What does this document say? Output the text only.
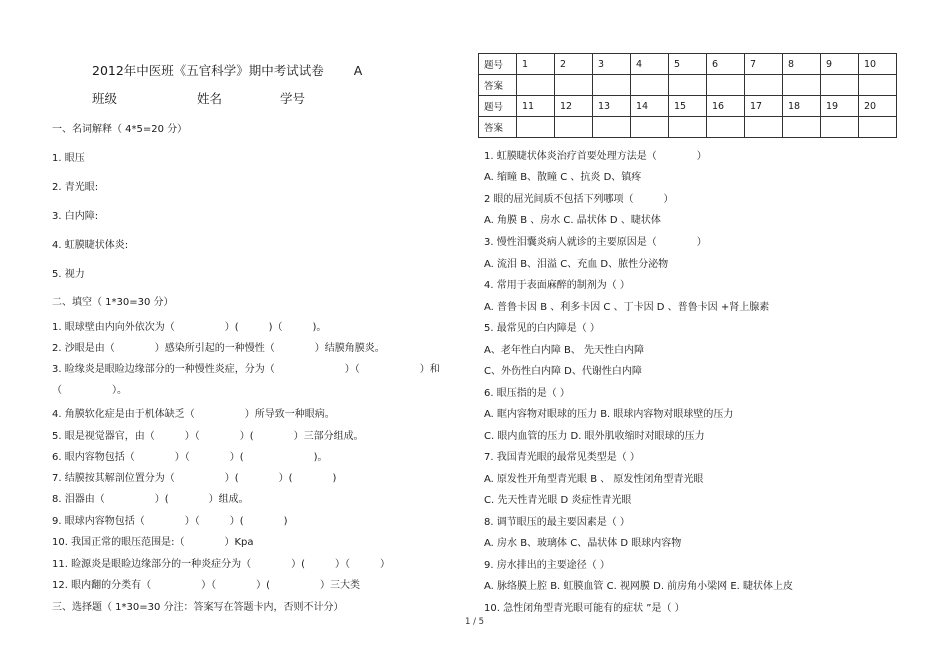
2012年中医班《五官科学》期中考试试卷 A
班级	姓名	学号
一、名词解释（ 4*5=20 分）
1. 眼压
2. 青光眼:
3. 白内障:
4. 虹膜睫状体炎:
5. 视力
二、填空（ 1*30=30 分）
1. 眼球壁由内向外依次为（　　　　　）(　　　)（　　　)。
2. 沙眼是由（　　　　）感染所引起的一种慢性（　　　　）结膜角膜炎。
3. 睑缘炎是眼睑边缘部分的一种慢性炎症，分为（　　　　　　　）（　　　　　　）和
（　　　　　）。
4. 角膜软化症是由于机体缺乏（　　　　　）所导致一种眼病。
5. 眼是视觉器官，由（　　　）（　　　　）(　　　　）三部分组成。
6. 眼内容物包括（　　　　）（　　　　）(　　　　　　　)。
7. 结膜按其解剖位置分为（　　　　　）(　　　　）(　　　　)
8. 泪器由（　　　　　）(　　　　）组成。
9. 眼球内容物包括（　　　　）（　　　）(　　　　)
10. 我国正常的眼压范围是:（　　　　）Kpa
11. 睑源炎是眼睑边缘部分的一种炎症分为（　　　　）(　　　）（　　　）
12. 眼内翻的分类有（　　　　　）（　　　　）(　　　　　）三大类
三、选择题（ 1*30=30 分注：答案写在答题卡内，否则不计分）
题号	1	2	3	4	5	6	7	8	9	10
答案										
题号	11	12	13	14	15	16	17	18	19	20
答案										
1. 虹膜睫状体炎治疗首要处理方法是（　　　　）
A. 缩瞳 B、散瞳 C 、抗炎 D、镇疼
2 眼的屈光间质不包括下列哪项（　　　）
A. 角膜 B 、房水 C. 晶状体 D 、睫状体
3. 慢性泪囊炎病人就诊的主要原因是（　　　　）
A. 流泪 B、泪溢 C、充血 D、脓性分泌物
4. 常用于表面麻醉的制剂为（ ）
A. 普鲁卡因 B 、利多卡因 C 、丁卡因 D 、普鲁卡因 +肾上腺素
5. 最常见的白内障是（ ）
A、老年性白内障 B、 先天性白内障
C、外伤性白内障 D、代谢性白内障
6. 眼压指的是（ ）
A. 眶内容物对眼球的压力 B. 眼球内容物对眼球壁的压力
C. 眼内血管的压力 D. 眼外肌收缩时对眼球的压力
7. 我国青光眼的最常见类型是（ ）
A. 原发性开角型青光眼 B 、 原发性闭角型青光眼
C. 先天性青光眼 D 炎症性青光眼
8. 调节眼压的最主要因素是（ ）
A. 房水 B、玻璃体 C、晶状体 D 眼球内容物
9. 房水排出的主要途径（ ）
A. 脉络膜上腔 B. 虹膜血管 C. 视网膜 D. 前房角小梁网 E. 睫状体上皮
10. 急性闭角型青光眼可能有的症状 ”是（ ）
1 / 5
